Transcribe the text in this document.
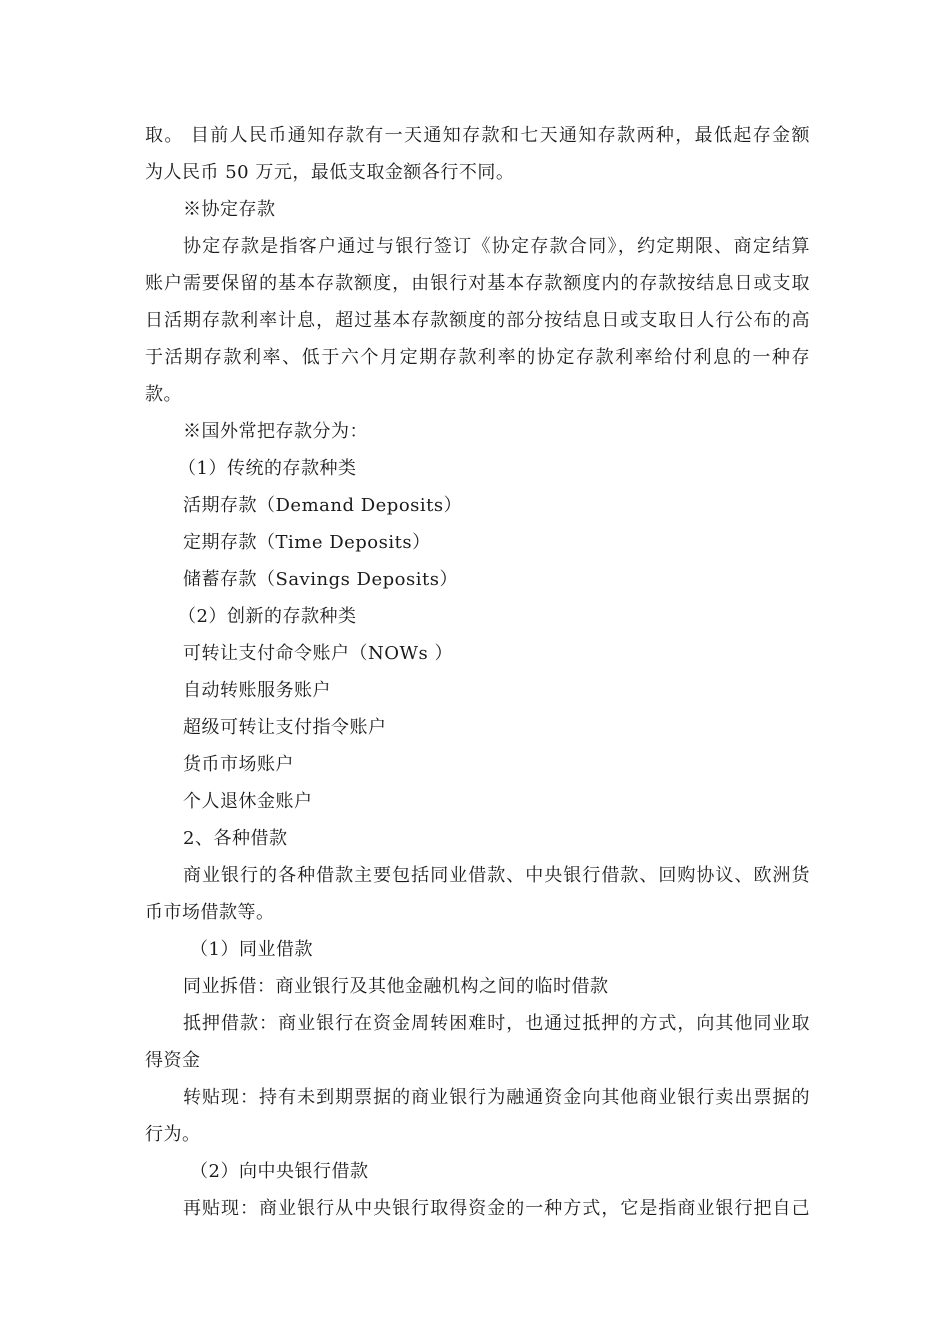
取。 目前人民币通知存款有一天通知存款和七天通知存款两种，最低起存金额
为人民币 50 万元，最低支取金额各行不同。
※协定存款
协定存款是指客户通过与银行签订《协定存款合同》，约定期限、商定结算
账户需要保留的基本存款额度，由银行对基本存款额度内的存款按结息日或支取
日活期存款利率计息，超过基本存款额度的部分按结息日或支取日人行公布的高
于活期存款利率、低于六个月定期存款利率的协定存款利率给付利息的一种存
款。
※国外常把存款分为：
（1）传统的存款种类
活期存款（Demand Deposits）
定期存款（Time Deposits）
储蓄存款（Savings Deposits）
（2）创新的存款种类
可转让支付命令账户（NOWs ）
自动转账服务账户
超级可转让支付指令账户
货币市场账户
个人退休金账户
2、各种借款
商业银行的各种借款主要包括同业借款、中央银行借款、回购协议、欧洲货
币市场借款等。
（1）同业借款
同业拆借：商业银行及其他金融机构之间的临时借款
抵押借款：商业银行在资金周转困难时，也通过抵押的方式，向其他同业取
得资金
转贴现：持有未到期票据的商业银行为融通资金向其他商业银行卖出票据的
行为。
（2）向中央银行借款
再贴现：商业银行从中央银行取得资金的一种方式，它是指商业银行把自己
